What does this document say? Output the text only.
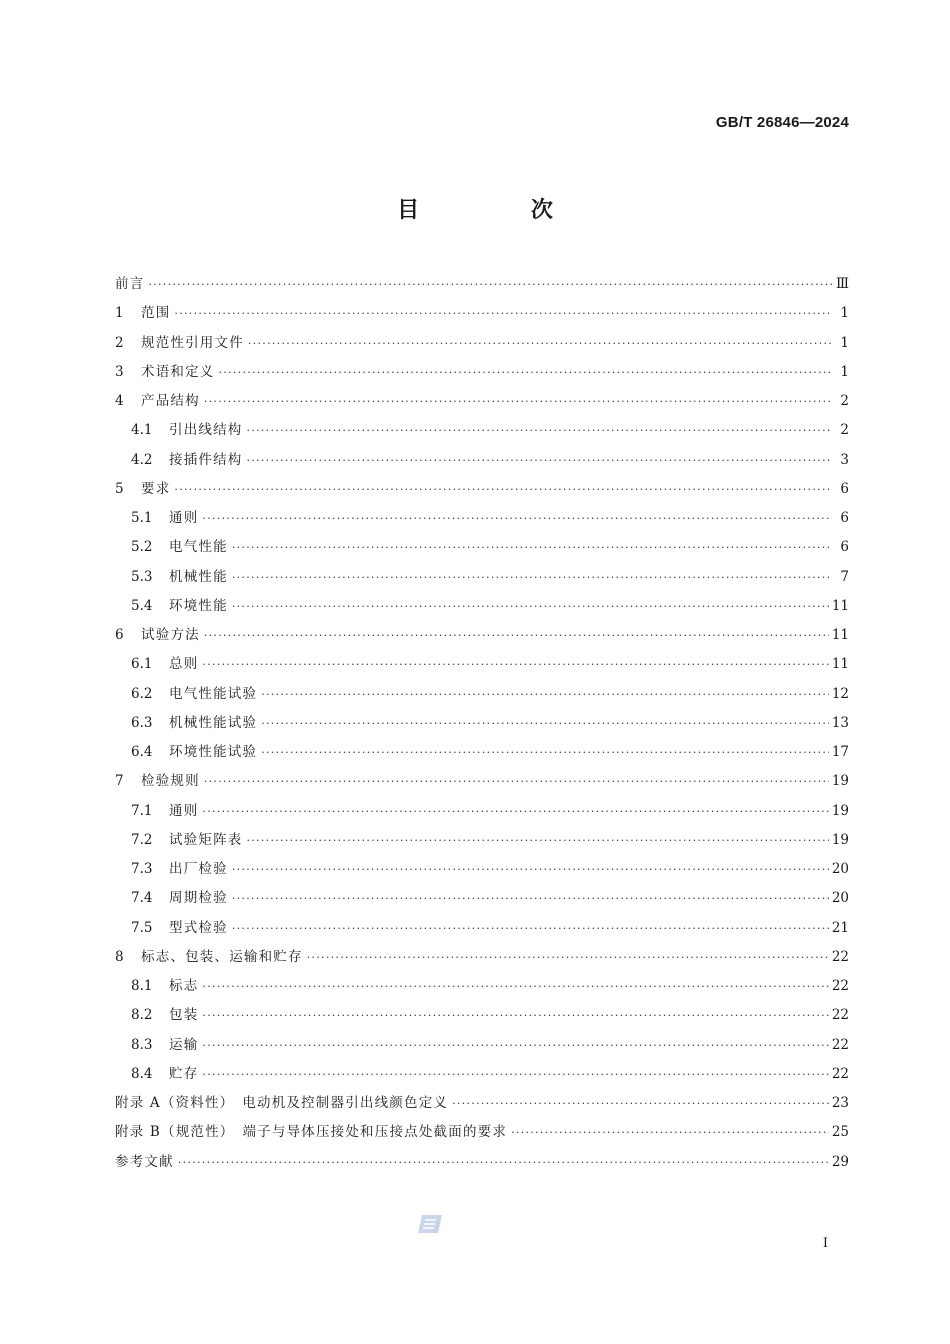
GB/T 26846—2024
目 次
前言 ·····	Ⅲ
1	范围 ·····	1
2	规范性引用文件 ·····	1
3	术语和定义 ·····	1
4	产品结构 ·····	2
4.1	引出线结构 ·····	2
4.2	接插件结构 ·····	3
5	要求 ·····	6
5.1	通则 ·····	6
5.2	电气性能 ·····	6
5.3	机械性能 ·····	7
5.4	环境性能 ·····	11
6	试验方法 ·····	11
6.1	总则 ·····	11
6.2	电气性能试验 ·····	12
6.3	机械性能试验 ·····	13
6.4	环境性能试验 ·····	17
7	检验规则 ·····	19
7.1	通则 ·····	19
7.2	试验矩阵表 ·····	19
7.3	出厂检验 ·····	20
7.4	周期检验 ·····	20
7.5	型式检验 ·····	21
8	标志、包装、运输和贮存 ·····	22
8.1	标志 ·····	22
8.2	包装 ·····	22
8.3	运输 ·····	22
8.4	贮存 ·····	22
附录 A（资料性）　电动机及控制器引出线颜色定义 ·····	23
附录 B（规范性）　端子与导体压接处和压接点处截面的要求 ·····	25
参考文献 ·····	29
I
